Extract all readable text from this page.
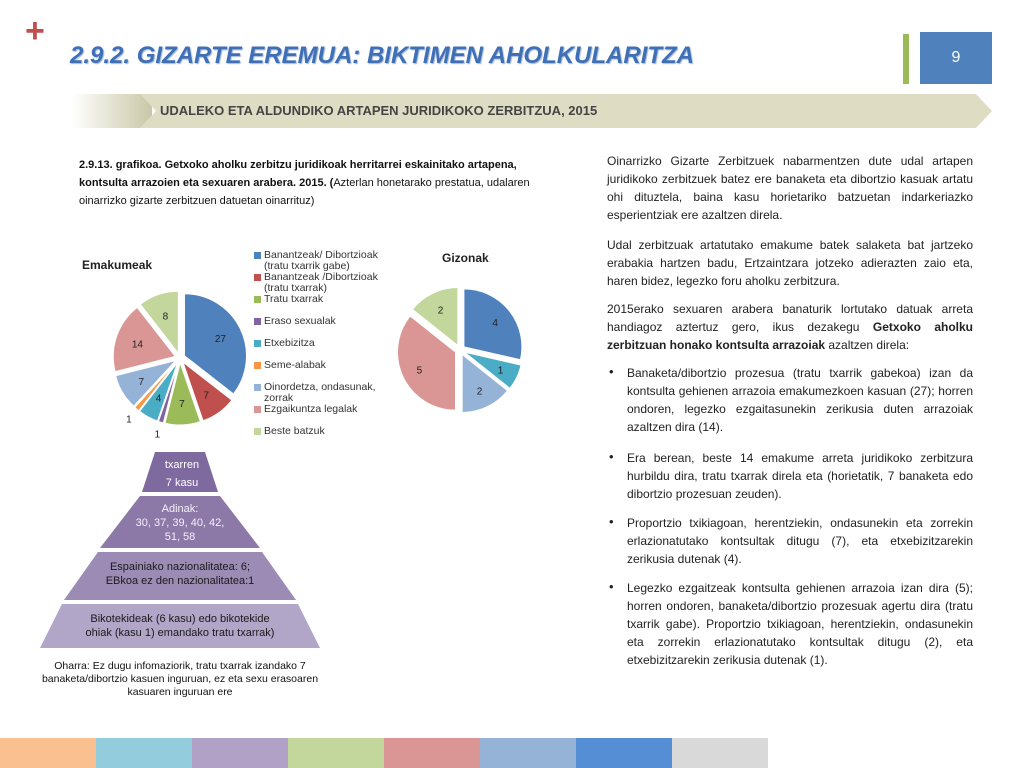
+
2.9.2. GIZARTE EREMUA: BIKTIMEN AHOLKULARITZA	9
UDALEKO ETA ALDUNDIKO ARTAPEN JURIDIKOKO ZERBITZUA, 2015
2.9.13. grafikoa. Getxoko aholku zerbitzu juridikoak herritarrei eskainitako artapena, kontsulta arrazoien eta sexuaren arabera. 2015. (Azterlan honetarako prestatua, udalaren oinarrizko gizarte zerbitzuen datuetan oinarrituz)
Emakumeak	Gizonak
27
7
7
1
4
1
7
14
8
4
1
2
5
2
Banantzeak/ Dibortzioak (tratu txarrik gabe)
Banantzeak /Dibortzioak (tratu txarrak)
Tratu txarrak
Eraso sexualak
Etxebizitza
Seme-alabak
Oinordetza, ondasunak, zorrak
Ezgaikuntza legalak
Beste batzuk
txarren
7 kasu
Adinak:
30, 37, 39, 40, 42,
51, 58
Espainiako nazionalitatea: 6;
EBkoa ez den nazionalitatea:1
Bikotekideak (6 kasu) edo bikotekide
ohiak (kasu 1) emandako tratu txarrak)
Oharra: Ez dugu infomaziorik, tratu txarrak izandako 7 banaketa/dibortzio kasuen inguruan, ez eta sexu erasoaren kasuaren inguruan ere
Oinarrizko Gizarte Zerbitzuek nabarmentzen dute udal artapen juridikoko zerbitzuek batez ere banaketa eta dibortzio kasuak artatu ohi dituztela, baina kasu horietariko batzuetan indarkeriazko esperientziak ere azaltzen direla.
Udal zerbitzuak artatutako emakume batek salaketa bat jartzeko erabakia hartzen badu, Ertzaintzara jotzeko adierazten zaio eta, haren bidez, legezko foru aholku zerbitzura.
2015erako sexuaren arabera banaturik lortutako datuak arreta handiagoz aztertuz gero, ikus dezakegu Getxoko aholku zerbitzuan honako kontsulta arrazoiak azaltzen direla:
• Banaketa/dibortzio prozesua (tratu txarrik gabekoa) izan da kontsulta gehienen arrazoia emakumezkoen kasuan (27); horren ondoren, legezko ezgaitasunekin zerikusia duten arrazoiak azaltzen dira (14).
• Era berean, beste 14 emakume arreta juridikoko zerbitzura hurbildu dira, tratu txarrak direla eta (horietatik, 7 banaketa edo dibortzio prozesuan zeuden).
• Proportzio txikiagoan, herentziekin, ondasunekin eta zorrekin erlazionatutako kontsultak ditugu (7), eta etxebizitzarekin zerikusia dutenak (4).
• Legezko ezgaitzeak kontsulta gehienen arrazoia izan dira (5); horren ondoren, banaketa/dibortzio prozesuak agertu dira (tratu txarrik gabe). Proportzio txikiagoan, herentziekin, ondasunekin eta zorrekin erlazionatutako kontsultak ditugu (2), eta etxebizitzarekin zerikusia dutenak (1).
